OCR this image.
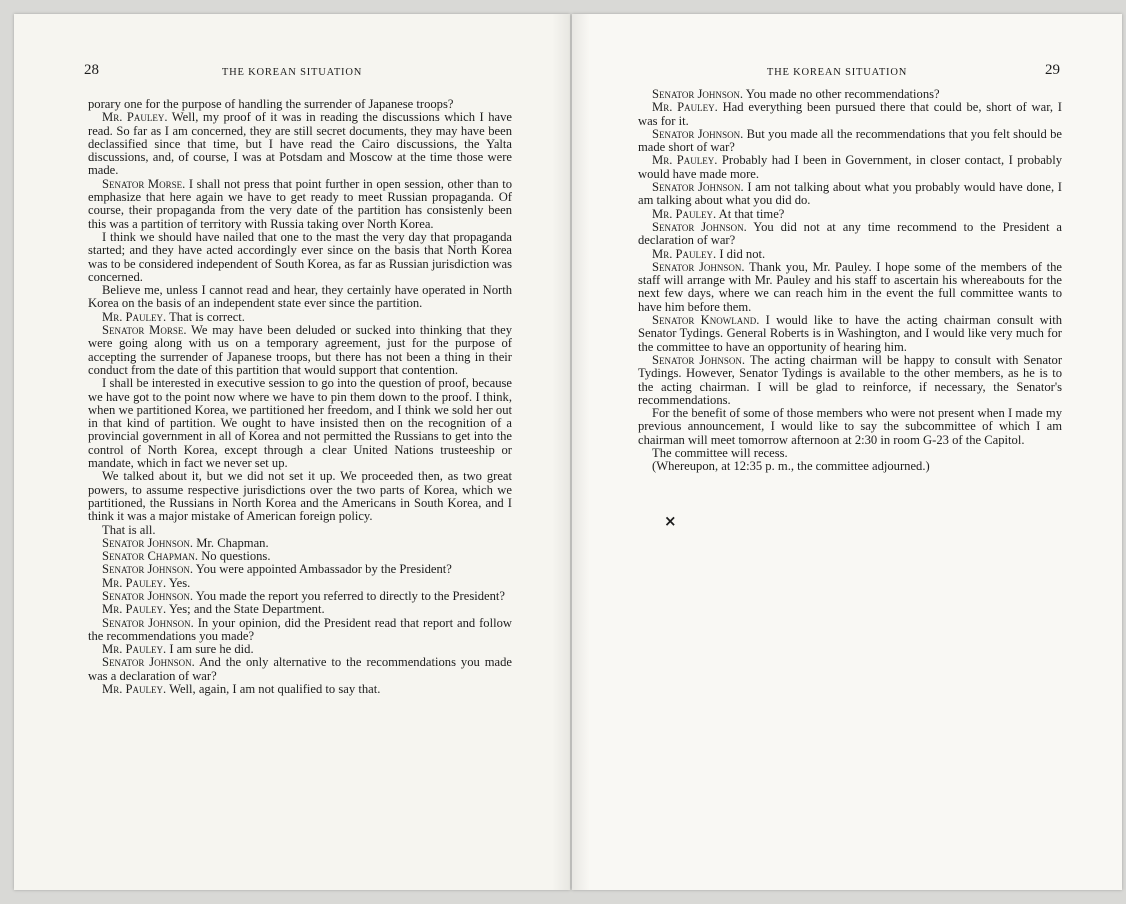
28	THE KOREAN SITUATION

porary one for the purpose of handling the surrender of Japanese troops?

Mr. Pauley. Well, my proof of it was in reading the discussions which I have read. So far as I am concerned, they are still secret documents, they may have been declassified since that time, but I have read the Cairo discussions, the Yalta discussions, and, of course, I was at Potsdam and Moscow at the time those were made.

Senator Morse. I shall not press that point further in open session, other than to emphasize that here again we have to get ready to meet Russian propaganda. Of course, their propaganda from the very date of the partition has consistenly been this was a partition of territory with Russia taking over North Korea.

I think we should have nailed that one to the mast the very day that propaganda started; and they have acted accordingly ever since on the basis that North Korea was to be considered independent of South Korea, as far as Russian jurisdiction was concerned.

Believe me, unless I cannot read and hear, they certainly have operated in North Korea on the basis of an independent state ever since the partition.

Mr. Pauley. That is correct.

Senator Morse. We may have been deluded or sucked into thinking that they were going along with us on a temporary agreement, just for the purpose of accepting the surrender of Japanese troops, but there has not been a thing in their conduct from the date of this partition that would support that contention.

I shall be interested in executive session to go into the question of proof, because we have got to the point now where we have to pin them down to the proof. I think, when we partitioned Korea, we partitioned her freedom, and I think we sold her out in that kind of partition. We ought to have insisted then on the recognition of a provincial government in all of Korea and not permitted the Russians to get into the control of North Korea, except through a clear United Nations trusteeship or mandate, which in fact we never set up.

We talked about it, but we did not set it up. We proceeded then, as two great powers, to assume respective jurisdictions over the two parts of Korea, which we partitioned, the Russians in North Korea and the Americans in South Korea, and I think it was a major mistake of American foreign policy.

That is all.

Senator Johnson. Mr. Chapman.

Senator Chapman. No questions.

Senator Johnson. You were appointed Ambassador by the President?

Mr. Pauley. Yes.

Senator Johnson. You made the report you referred to directly to the President?

Mr. Pauley. Yes; and the State Department.

Senator Johnson. In your opinion, did the President read that report and follow the recommendations you made?

Mr. Pauley. I am sure he did.

Senator Johnson. And the only alternative to the recommendations you made was a declaration of war?

Mr. Pauley. Well, again, I am not qualified to say that.

THE KOREAN SITUATION	29

Senator Johnson. You made no other recommendations?

Mr. Pauley. Had everything been pursued there that could be, short of war, I was for it.

Senator Johnson. But you made all the recommendations that you felt should be made short of war?

Mr. Pauley. Probably had I been in Government, in closer contact, I probably would have made more.

Senator Johnson. I am not talking about what you probably would have done, I am talking about what you did do.

Mr. Pauley. At that time?

Senator Johnson. You did not at any time recommend to the President a declaration of war?

Mr. Pauley. I did not.

Senator Johnson. Thank you, Mr. Pauley. I hope some of the members of the staff will arrange with Mr. Pauley and his staff to ascertain his whereabouts for the next few days, where we can reach him in the event the full committee wants to have him before them.

Senator Knowland. I would like to have the acting chairman consult with Senator Tydings. General Roberts is in Washington, and I would like very much for the committee to have an opportunity of hearing him.

Senator Johnson. The acting chairman will be happy to consult with Senator Tydings. However, Senator Tydings is available to the other members, as he is to the acting chairman. I will be glad to reinforce, if necessary, the Senator's recommendations.

For the benefit of some of those members who were not present when I made my previous announcement, I would like to say the subcommittee of which I am chairman will meet tomorrow afternoon at 2:30 in room G-23 of the Capitol.

The committee will recess.

(Whereupon, at 12:35 p. m., the committee adjourned.)

×
